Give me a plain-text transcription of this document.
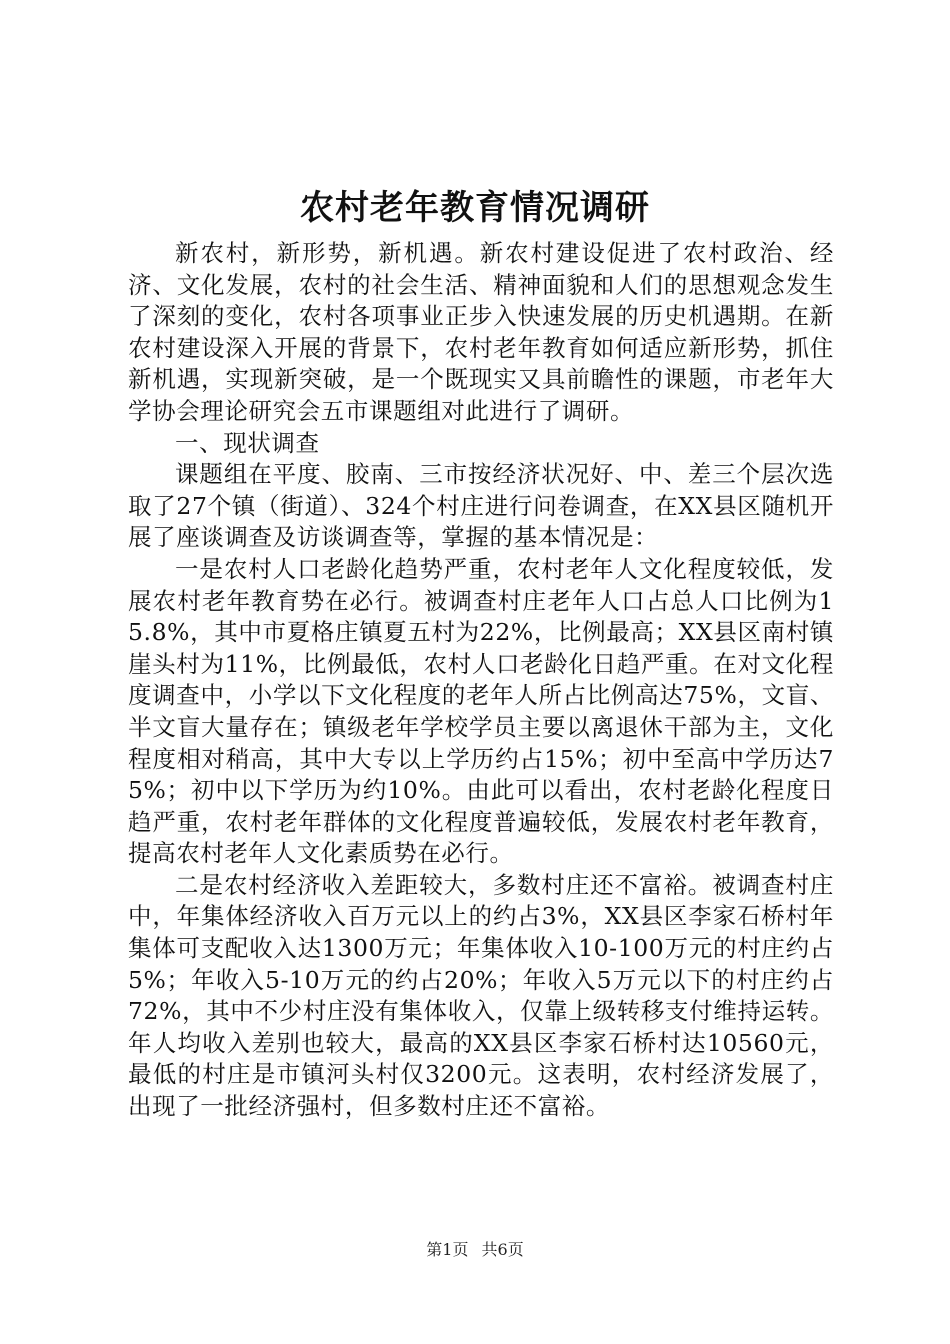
农村老年教育情况调研

新农村，新形势，新机遇。新农村建设促进了农村政治、经济、文化发展，农村的社会生活、精神面貌和人们的思想观念发生了深刻的变化，农村各项事业正步入快速发展的历史机遇期。在新农村建设深入开展的背景下，农村老年教育如何适应新形势，抓住新机遇，实现新突破，是一个既现实又具前瞻性的课题，市老年大学协会理论研究会五市课题组对此进行了调研。

一、现状调查

课题组在平度、胶南、三市按经济状况好、中、差三个层次选取了27个镇（街道）、324个村庄进行问卷调查，在XX县区随机开展了座谈调查及访谈调查等，掌握的基本情况是：

一是农村人口老龄化趋势严重，农村老年人文化程度较低，发展农村老年教育势在必行。被调查村庄老年人口占总人口比例为15.8%，其中市夏格庄镇夏五村为22%，比例最高；XX县区南村镇崖头村为11%，比例最低，农村人口老龄化日趋严重。在对文化程度调查中，小学以下文化程度的老年人所占比例高达75%，文盲、半文盲大量存在；镇级老年学校学员主要以离退休干部为主，文化程度相对稍高，其中大专以上学历约占15%；初中至高中学历达75%；初中以下学历为约10%。由此可以看出，农村老龄化程度日趋严重，农村老年群体的文化程度普遍较低，发展农村老年教育，提高农村老年人文化素质势在必行。

二是农村经济收入差距较大，多数村庄还不富裕。被调查村庄中，年集体经济收入百万元以上的约占3%，XX县区李家石桥村年集体可支配收入达1300万元；年集体收入10-100万元的村庄约占5%；年收入5-10万元的约占20%；年收入5万元以下的村庄约占72%，其中不少村庄没有集体收入，仅靠上级转移支付维持运转。年人均收入差别也较大，最高的XX县区李家石桥村达10560元，最低的村庄是市镇河头村仅3200元。这表明，农村经济发展了，出现了一批经济强村，但多数村庄还不富裕。

第1页 共6页
